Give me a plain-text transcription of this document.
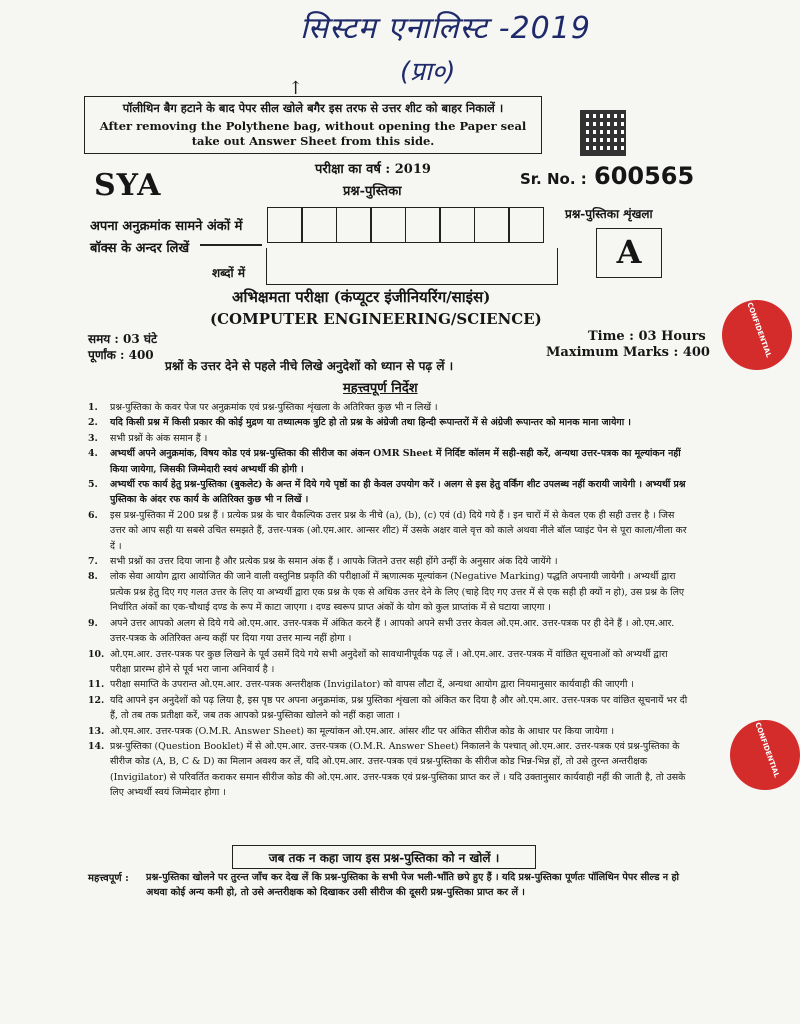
सिस्टम एनालिस्ट -2019
(प्रा०)
↑
पॉलीथिन बैग हटाने के बाद पेपर सील खोले बगैर इस तरफ से उत्तर शीट को बाहर निकालें ।
After removing the Polythene bag, without opening the Paper seal take out Answer Sheet from this side.
परीक्षा का वर्ष : 2019
प्रश्न-पुस्तिका
SYA	Sr. No. : 600565
प्रश्न-पुस्तिका शृंखला
A
अपना अनुक्रमांक सामने अंकों में
बॉक्स के अन्दर लिखें
शब्दों में
अभिक्षमता परीक्षा (कंप्यूटर इंजीनियरिंग/साइंस)
(COMPUTER ENGINEERING/SCIENCE)
समय : 03 घंटे
पूर्णांक : 400
Time : 03 Hours
Maximum Marks : 400
प्रश्नों के उत्तर देने से पहले नीचे लिखे अनुदेशों को ध्यान से पढ़ लें ।
महत्त्वपूर्ण निर्देश
1.	प्रश्न-पुस्तिका के कवर पेज पर अनुक्रमांक एवं प्रश्न-पुस्तिका शृंखला के अतिरिक्त कुछ भी न लिखें ।
2.	यदि किसी प्रश्न में किसी प्रकार की कोई मुद्रण या तथ्यात्मक त्रुटि हो तो प्रश्न के अंग्रेजी तथा हिन्दी रूपान्तरों में से अंग्रेजी रूपान्तर को मानक माना जायेगा ।
3.	सभी प्रश्नों के अंक समान हैं ।
4.	अभ्यर्थी अपने अनुक्रमांक, विषय कोड एवं प्रश्न-पुस्तिका की सीरीज का अंकन OMR Sheet में निर्दिष्ट कॉलम में सही-सही करें, अन्यथा उत्तर-पत्रक का मूल्यांकन नहीं किया जायेगा, जिसकी जिम्मेदारी स्वयं अभ्यर्थी की होगी ।
5.	अभ्यर्थी रफ कार्य हेतु प्रश्न-पुस्तिका (बुकलेट) के अन्त में दिये गये पृष्ठों का ही केवल उपयोग करें । अलग से इस हेतु वर्किंग शीट उपलब्ध नहीं करायी जायेगी । अभ्यर्थी प्रश्न पुस्तिका के अंदर रफ कार्य के अतिरिक्त कुछ भी न लिखें ।
6.	इस प्रश्न-पुस्तिका में 200 प्रश्न हैं । प्रत्येक प्रश्न के चार वैकल्पिक उत्तर प्रश्न के नीचे (a), (b), (c) एवं (d) दिये गये हैं । इन चारों में से केवल एक ही सही उत्तर है । जिस उत्तर को आप सही या सबसे उचित समझते हैं, उत्तर-पत्रक (ओ.एम.आर. आन्सर शीट) में उसके अक्षर वाले वृत्त को काले अथवा नीले बॉल प्वाइंट पेन से पूरा काला/नीला कर दें ।
7.	सभी प्रश्नों का उत्तर दिया जाना है और प्रत्येक प्रश्न के समान अंक हैं । आपके जितने उत्तर सही होंगे उन्हीं के अनुसार अंक दिये जायेंगे ।
8.	लोक सेवा आयोग द्वारा आयोजित की जाने वाली वस्तुनिष्ठ प्रकृति की परीक्षाओं में ऋणात्मक मूल्यांकन (Negative Marking) पद्धति अपनायी जायेगी । अभ्यर्थी द्वारा प्रत्येक प्रश्न हेतु दिए गए गलत उत्तर के लिए या अभ्यर्थी द्वारा एक प्रश्न के एक से अधिक उत्तर देने के लिए (चाहे दिए गए उत्तर में से एक सही ही क्यों न हो), उस प्रश्न के लिए निर्धारित अंकों का एक-चौथाई दण्ड के रूप में काटा जाएगा । दण्ड स्वरूप प्राप्त अंकों के योग को कुल प्राप्तांक में से घटाया जाएगा ।
9.	अपने उत्तर आपको अलग से दिये गये ओ.एम.आर. उत्तर-पत्रक में अंकित करने हैं । आपको अपने सभी उत्तर केवल ओ.एम.आर. उत्तर-पत्रक पर ही देने हैं । ओ.एम.आर. उत्तर-पत्रक के अतिरिक्त अन्य कहीं पर दिया गया उत्तर मान्य नहीं होगा ।
10. ओ.एम.आर. उत्तर-पत्रक पर कुछ लिखने के पूर्व उसमें दिये गये सभी अनुदेशों को सावधानीपूर्वक पढ़ लें । ओ.एम.आर. उत्तर-पत्रक में वांछित सूचनाओं को अभ्यर्थी द्वारा परीक्षा प्रारम्भ होने से पूर्व भरा जाना अनिवार्य है ।
11. परीक्षा समाप्ति के उपरान्त ओ.एम.आर. उत्तर-पत्रक अन्तरीक्षक (Invigilator) को वापस लौटा दें, अन्यथा आयोग द्वारा नियमानुसार कार्यवाही की जाएगी ।
12. यदि आपने इन अनुदेशों को पढ़ लिया है, इस पृष्ठ पर अपना अनुक्रमांक, प्रश्न पुस्तिका शृंखला को अंकित कर दिया है और ओ.एम.आर. उत्तर-पत्रक पर वांछित सूचनायें भर दी हैं, तो तब तक प्रतीक्षा करें, जब तक आपको प्रश्न-पुस्तिका खोलने को नहीं कहा जाता ।
13. ओ.एम.आर. उत्तर-पत्रक (O.M.R. Answer Sheet) का मूल्यांकन ओ.एम.आर. आंसर शीट पर अंकित सीरीज कोड के आधार पर किया जायेगा ।
14. प्रश्न-पुस्तिका (Question Booklet) में से ओ.एम.आर. उत्तर-पत्रक (O.M.R. Answer Sheet) निकालने के पश्चात् ओ.एम.आर. उत्तर-पत्रक एवं प्रश्न-पुस्तिका के सीरीज कोड (A, B, C & D) का मिलान अवश्य कर लें, यदि ओ.एम.आर. उत्तर-पत्रक एवं प्रश्न-पुस्तिका के सीरीज कोड भिन्न-भिन्न हों, तो उसे तुरन्त अन्तरीक्षक (Invigilator) से परिवर्तित कराकर समान सीरीज कोड की ओ.एम.आर. उत्तर-पत्रक एवं प्रश्न-पुस्तिका प्राप्त कर लें । यदि उक्तानुसार कार्यवाही नहीं की जाती है, तो उसके लिए अभ्यर्थी स्वयं जिम्मेदार होगा ।
जब तक न कहा जाय इस प्रश्न-पुस्तिका को न खोलें ।
महत्त्वपूर्ण : प्रश्न-पुस्तिका खोलने पर तुरन्त जाँच कर देख लें कि प्रश्न-पुस्तिका के सभी पेज भली-भाँति छपे हुए हैं । यदि प्रश्न-पुस्तिका पूर्णतः पॉलिथिन पेपर सील्ड न हो अथवा कोई अन्य कमी हो, तो उसे अन्तरीक्षक को दिखाकर उसी सीरीज की दूसरी प्रश्न-पुस्तिका प्राप्त कर लें ।
CONFIDENTIAL
CONFIDENTIAL
